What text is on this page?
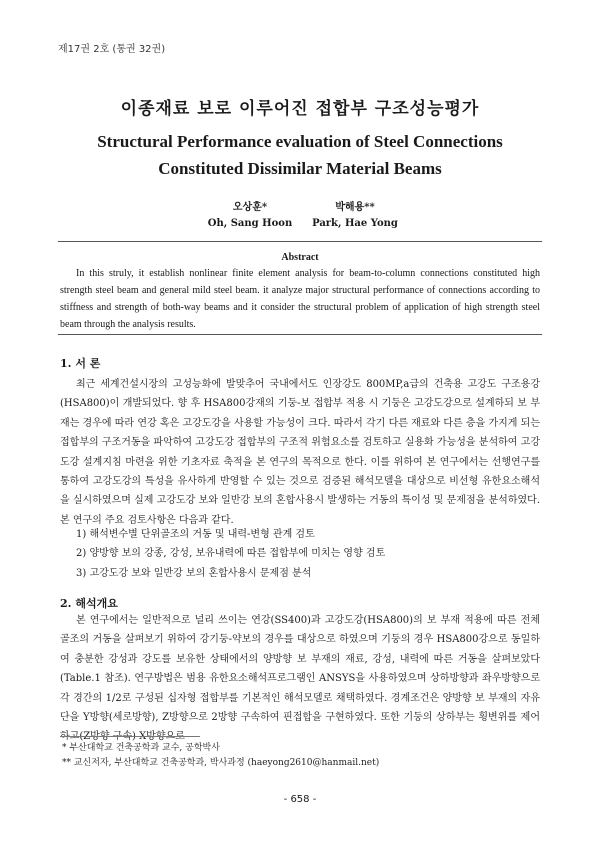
제17권 2호 (통권 32권)
이종재료 보로 이루어진 접합부 구조성능평가
Structural Performance evaluation of Steel Connections
Constituted Dissimilar Material Beams
오상훈*
Oh, Sang Hoon
박해용**
Park, Hae Yong
Abstract
In this struly, it establish nonlinear finite element analysis for beam-to-column connections constituted high strength steel beam and general mild steel beam. it analyze major structural performance of connections according to stiffness and strength of both-way beams and it consider the structural problem of application of high strength steel beam through the analysis results.
1. 서 론
최근 세계건설시장의 고성능화에 발맞추어 국내에서도 인장강도 800MP,a급의 건축용 고강도 구조용강(HSA800)이 개발되었다. 향 후 HSA800강재의 기둥-보 접합부 적용 시 기둥은 고강도강으로 설계하되 보 부재는 경우에 따라 연강 혹은 고강도강을 사용할 가능성이 크다. 따라서 각기 다른 재료와 다른 층을 가지게 되는 접합부의 구조거동을 파악하여 고강도강 접합부의 구조적 위험요소를 검토하고 실용화 가능성을 분석하여 고강도강 설계지침 마련을 위한 기초자료 축적을 본 연구의 목적으로 한다. 이를 위하여 본 연구에서는 선행연구를 통하여 고강도강의 특성을 유사하게 반영할 수 있는 것으로 검증된 해석모델을 대상으로 비선형 유한요소해석을 실시하였으며 실제 고강도강 보와 일반강 보의 혼합사용시 발생하는 거동의 특이성 및 문제점을 분석하였다. 본 연구의 주요 검토사항은 다음과 같다.
1) 해석변수별 단위골조의 거동 및 내력-변형 관계 검토
2) 양방향 보의 강종, 강성, 보유내력에 따른 접합부에 미치는 영향 검토
3) 고강도강 보와 일반강 보의 혼합사용시 문제점 분석
2. 해석개요
본 연구에서는 일반적으로 널리 쓰이는 연강(SS400)과 고강도강(HSA800)의 보 부재 적용에 따른 전체 골조의 거동을 살펴보기 위하여 강기둥-약보의 경우를 대상으로 하였으며 기둥의 경우 HSA800강으로 동일하여 충분한 강성과 강도를 보유한 상태에서의 양방향 보 부재의 재료, 강성, 내력에 따른 거동을 살펴보았다(Table.1 참조). 연구방법은 범용 유한요소해석프로그램인 ANSYS을 사용하였으며 상하방향과 좌우방향으로 각 경간의 1/2로 구성된 십자형 접합부를 기본적인 해석모델로 채택하였다. 경계조건은 양방향 보 부재의 자유단을 Y방향(세로방향), Z방향으로 2방향 구속하여 핀접합을 구현하였다. 또한 기둥의 상하부는 횡변위를 제어하고(Z방향 구속) X방향으로
* 부산대학교 건축공학과 교수, 공학박사
** 교신저자, 부산대학교 건축공학과, 박사과정 (haeyong2610@hanmail.net)
- 658 -
